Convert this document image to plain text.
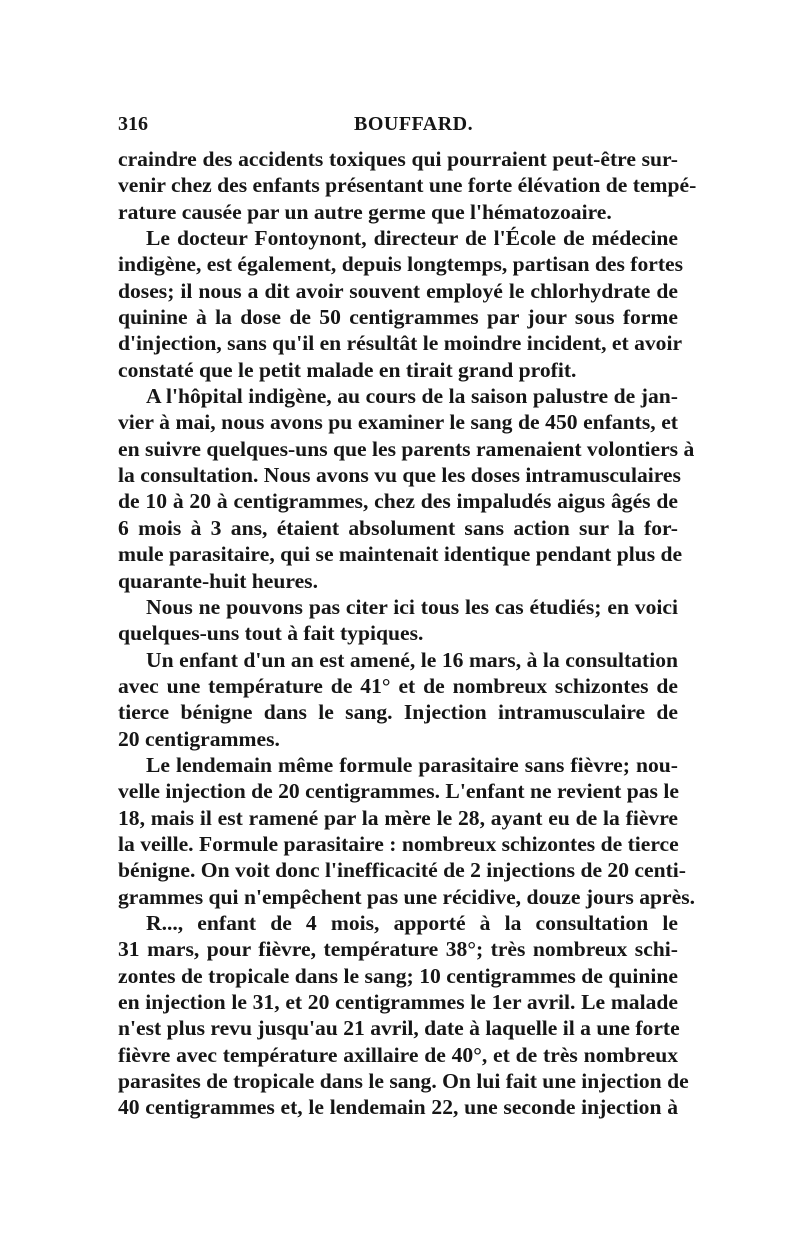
316	BOUFFARD.
craindre des accidents toxiques qui pourraient peut-être sur-
venir chez des enfants présentant une forte élévation de tempé-
rature causée par un autre germe que l'hématozoaire.
Le docteur Fontoynont, directeur de l'École de médecine
indigène, est également, depuis longtemps, partisan des fortes
doses; il nous a dit avoir souvent employé le chlorhydrate de
quinine à la dose de 50 centigrammes par jour sous forme
d'injection, sans qu'il en résultât le moindre incident, et avoir
constaté que le petit malade en tirait grand profit.
A l'hôpital indigène, au cours de la saison palustre de jan-
vier à mai, nous avons pu examiner le sang de 450 enfants, et
en suivre quelques-uns que les parents ramenaient volontiers à
la consultation. Nous avons vu que les doses intramusculaires
de 10 à 20 à centigrammes, chez des impaludés aigus âgés de
6 mois à 3 ans, étaient absolument sans action sur la for-
mule parasitaire, qui se maintenait identique pendant plus de
quarante-huit heures.
Nous ne pouvons pas citer ici tous les cas étudiés; en voici
quelques-uns tout à fait typiques.
Un enfant d'un an est amené, le 16 mars, à la consultation
avec une température de 41° et de nombreux schizontes de
tierce bénigne dans le sang. Injection intramusculaire de
20 centigrammes.
Le lendemain même formule parasitaire sans fièvre; nou-
velle injection de 20 centigrammes. L'enfant ne revient pas le
18, mais il est ramené par la mère le 28, ayant eu de la fièvre
la veille. Formule parasitaire : nombreux schizontes de tierce
bénigne. On voit donc l'inefficacité de 2 injections de 20 centi-
grammes qui n'empêchent pas une récidive, douze jours après.
R..., enfant de 4 mois, apporté à la consultation le
31 mars, pour fièvre, température 38°; très nombreux schi-
zontes de tropicale dans le sang; 10 centigrammes de quinine
en injection le 31, et 20 centigrammes le 1er avril. Le malade
n'est plus revu jusqu'au 21 avril, date à laquelle il a une forte
fièvre avec température axillaire de 40°, et de très nombreux
parasites de tropicale dans le sang. On lui fait une injection de
40 centigrammes et, le lendemain 22, une seconde injection à
